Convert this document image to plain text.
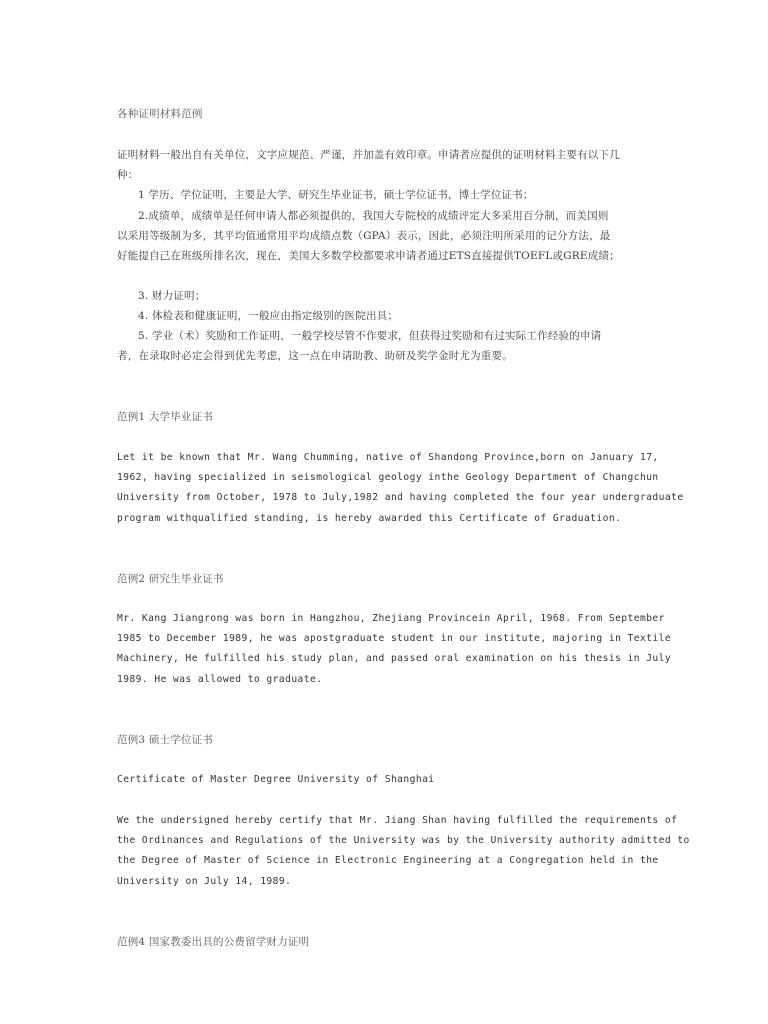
各种证明材料范例
证明材料一般出自有关单位，文字应规范、严谨，并加盖有效印章。申请者应提供的证明材料主要有以下几
种：
1 学历、学位证明，主要是大学、研究生毕业证书，硕士学位证书，博士学位证书；
2.成绩单，成绩单是任何申请人都必须提供的，我国大专院校的成绩评定大多采用百分制，而美国则
以采用等级制为多，其平均值通常用平均成绩点数（GPA）表示，因此，必须注明所采用的记分方法，最
好能提自己在班级所排名次，现在，美国大多数学校都要求申请者通过ETS直接提供TOEFL或GRE成绩；
3. 财力证明；
4. 体检表和健康证明，一般应由指定级别的医院出具；
5. 学业（术）奖励和工作证明，一般学校尽管不作要求，但获得过奖励和有过实际工作经验的申请
者，在录取时必定会得到优先考虑，这一点在申请助教、助研及奖学金时尤为重要。
范例1 大学毕业证书
Let it be known that Mr. Wang Chumming, native of Shandong Province,born on January 17,
1962, having specialized in seismological geology inthe Geology Department of Changchun
University from October, 1978 to July,1982 and having completed the four year undergraduate
program withqualified standing, is hereby awarded this Certificate of Graduation.
范例2 研究生毕业证书
Mr. Kang Jiangrong was born in Hangzhou, Zhejiang Provincein April, 1968. From September
1985 to December 1989, he was apostgraduate student in our institute, majoring in Textile
Machinery, He fulfilled his study plan, and passed oral examination on his thesis in July
1989. He was allowed to graduate.
范例3 硕士学位证书
Certificate of Master Degree University of Shanghai
We the undersigned hereby certify that Mr. Jiang Shan having fulfilled the requirements of
the Ordinances and Regulations of the University was by the University authority admitted to
the Degree of Master of Science in Electronic Engineering at a Congregation held in the
University on July 14, 1989.
范例4 国家教委出具的公费留学财力证明
